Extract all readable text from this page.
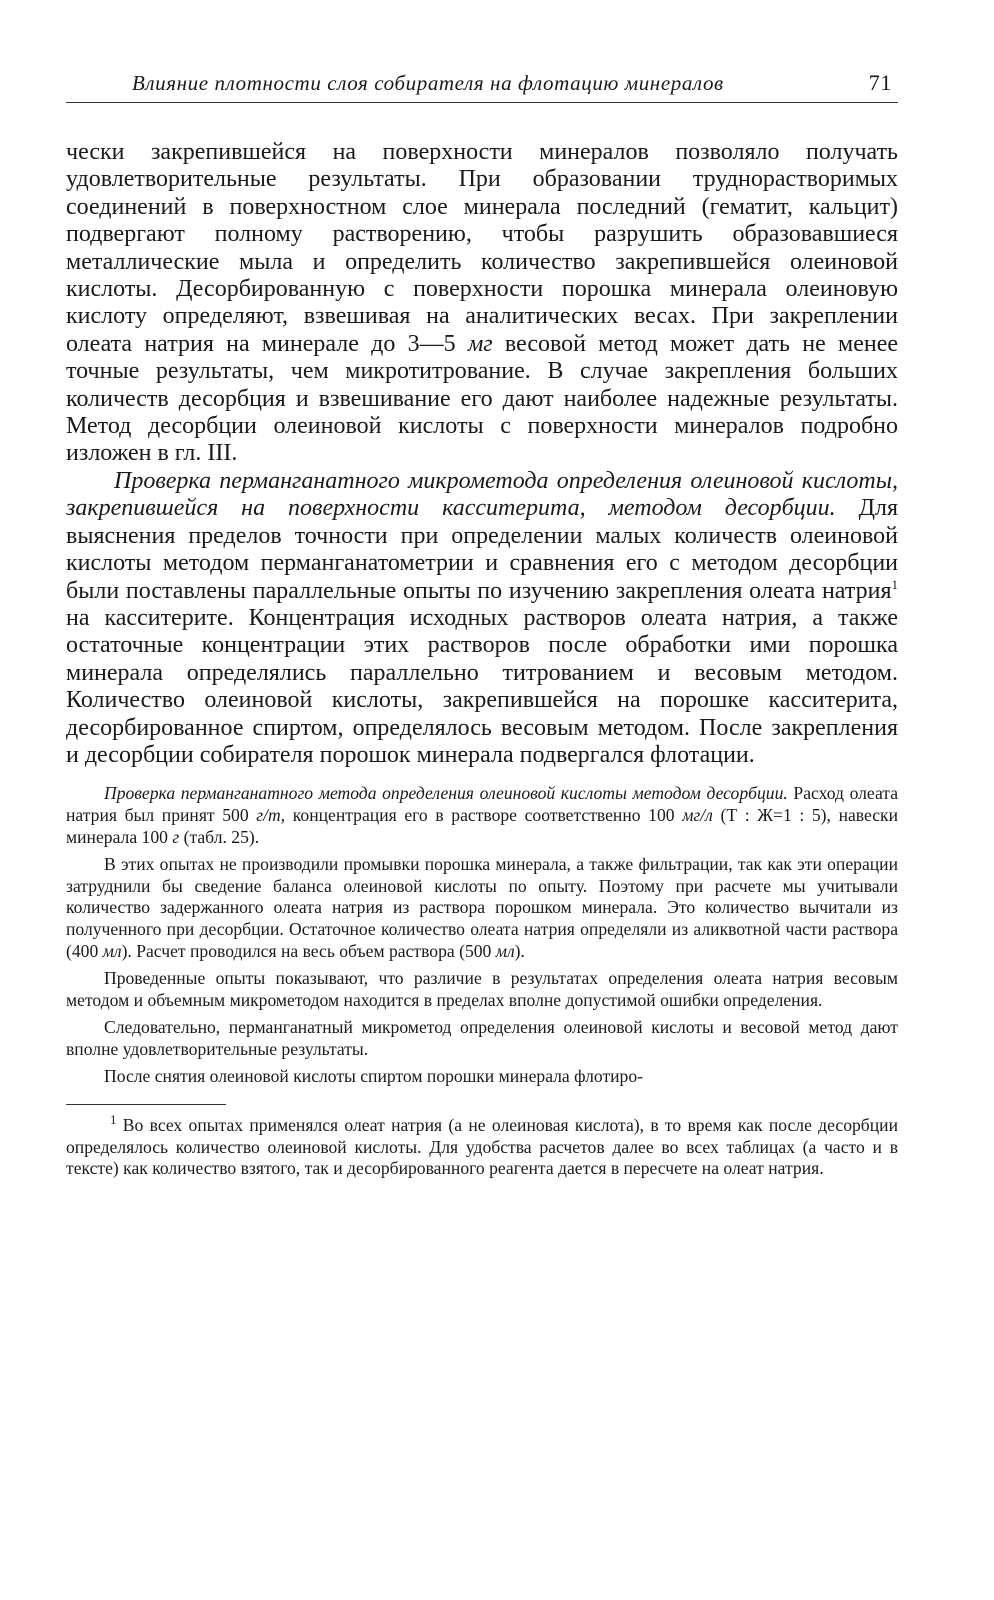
Влияние плотности слоя собирателя на флотацию минералов	71

чески закрепившейся на поверхности минералов позволяло получать удовлетворительные результаты. При образовании труднорастворимых соединений в поверхностном слое минерала последний (гематит, кальцит) подвергают полному растворению, чтобы разрушить образовавшиеся металлические мыла и определить количество закрепившейся олеиновой кислоты. Десорбированную с поверхности порошка минерала олеиновую кислоту определяют, взвешивая на аналитических весах. При закреплении олеата натрия на минерале до 3—5 мг весовой метод может дать не менее точные результаты, чем микротитрование. В случае закрепления больших количеств десорбция и взвешивание его дают наиболее надежные результаты. Метод десорбции олеиновой кислоты с поверхности минералов подробно изложен в гл. III.

Проверка перманганатного микрометода определения олеиновой кислоты, закрепившейся на поверхности касситерита, методом десорбции. Для выяснения пределов точности при определении малых количеств олеиновой кислоты методом перманганатометрии и сравнения его с методом десорбции были поставлены параллельные опыты по изучению закрепления олеата натрия$^1$ на касситерите. Концентрация исходных растворов олеата натрия, а также остаточные концентрации этих растворов после обработки ими порошка минерала определялись параллельно титрованием и весовым методом. Количество олеиновой кислоты, закрепившейся на порошке касситерита, десорбированное спиртом, определялось весовым методом. После закрепления и десорбции собирателя порошок минерала подвергался флотации.

Проверка перманганатного метода определения олеиновой кислоты методом десорбции. Расход олеата натрия был принят 500 г/т, концентрация его в растворе соответственно 100 мг/л (Т : Ж=1 : 5), навески минерала 100 г (табл. 25).

В этих опытах не производили промывки порошка минерала, а также фильтрации, так как эти операции затруднили бы сведение баланса олеиновой кислоты по опыту. Поэтому при расчете мы учитывали количество задержанного олеата натрия из раствора порошком минерала. Это количество вычитали из полученного при десорбции. Остаточное количество олеата натрия определяли из аликвотной части раствора (400 мл). Расчет проводился на весь объем раствора (500 мл).

Проведенные опыты показывают, что различие в результатах определения олеата натрия весовым методом и объемным микрометодом находится в пределах вполне допустимой ошибки определения.

Следовательно, перманганатный микрометод определения олеиновой кислоты и весовой метод дают вполне удовлетворительные результаты.

После снятия олеиновой кислоты спиртом порошки минерала флотиро-

$^1$ Во всех опытах применялся олеат натрия (а не олеиновая кислота), в то время как после десорбции определялось количество олеиновой кислоты. Для удобства расчетов далее во всех таблицах (а часто и в тексте) как количество взятого, так и десорбированного реагента дается в пересчете на олеат натрия.
